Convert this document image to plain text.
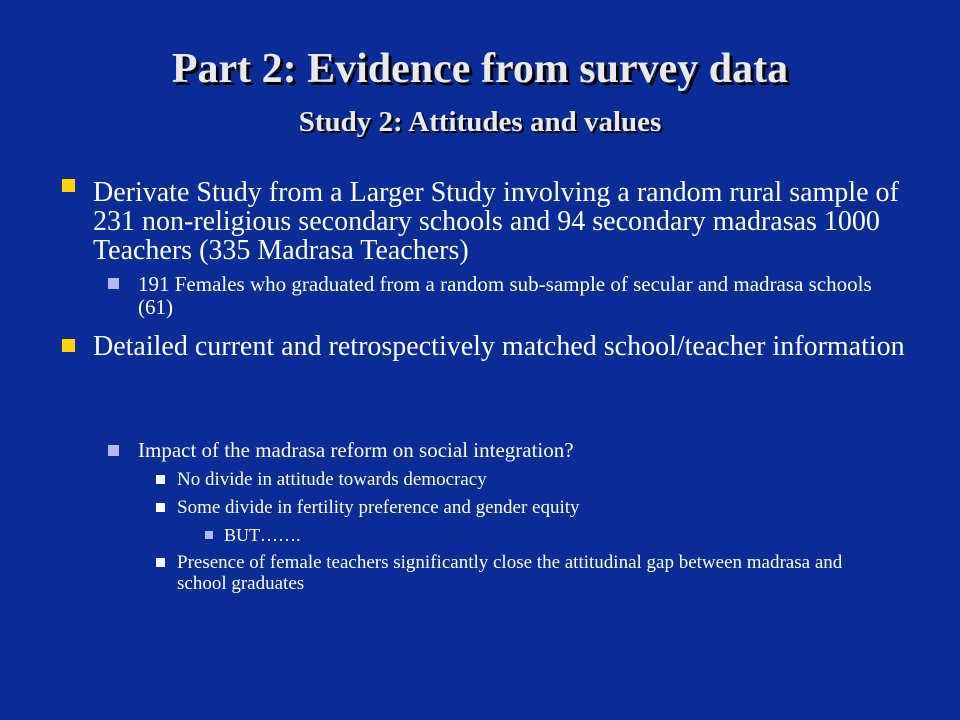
Part 2: Evidence from survey data
Study 2: Attitudes and values
Derivate Study from a Larger Study involving a random rural sample of 231 non-religious secondary schools and 94 secondary madrasas 1000 Teachers (335 Madrasa Teachers)
191 Females who graduated from a random sub-sample of secular and madrasa schools (61)
Detailed current and retrospectively matched school/teacher information
Impact of the madrasa reform on social integration?
No divide in attitude towards democracy
Some divide in fertility preference and gender equity
BUT…….
Presence of female teachers significantly close the attitudinal gap between madrasa and school graduates
